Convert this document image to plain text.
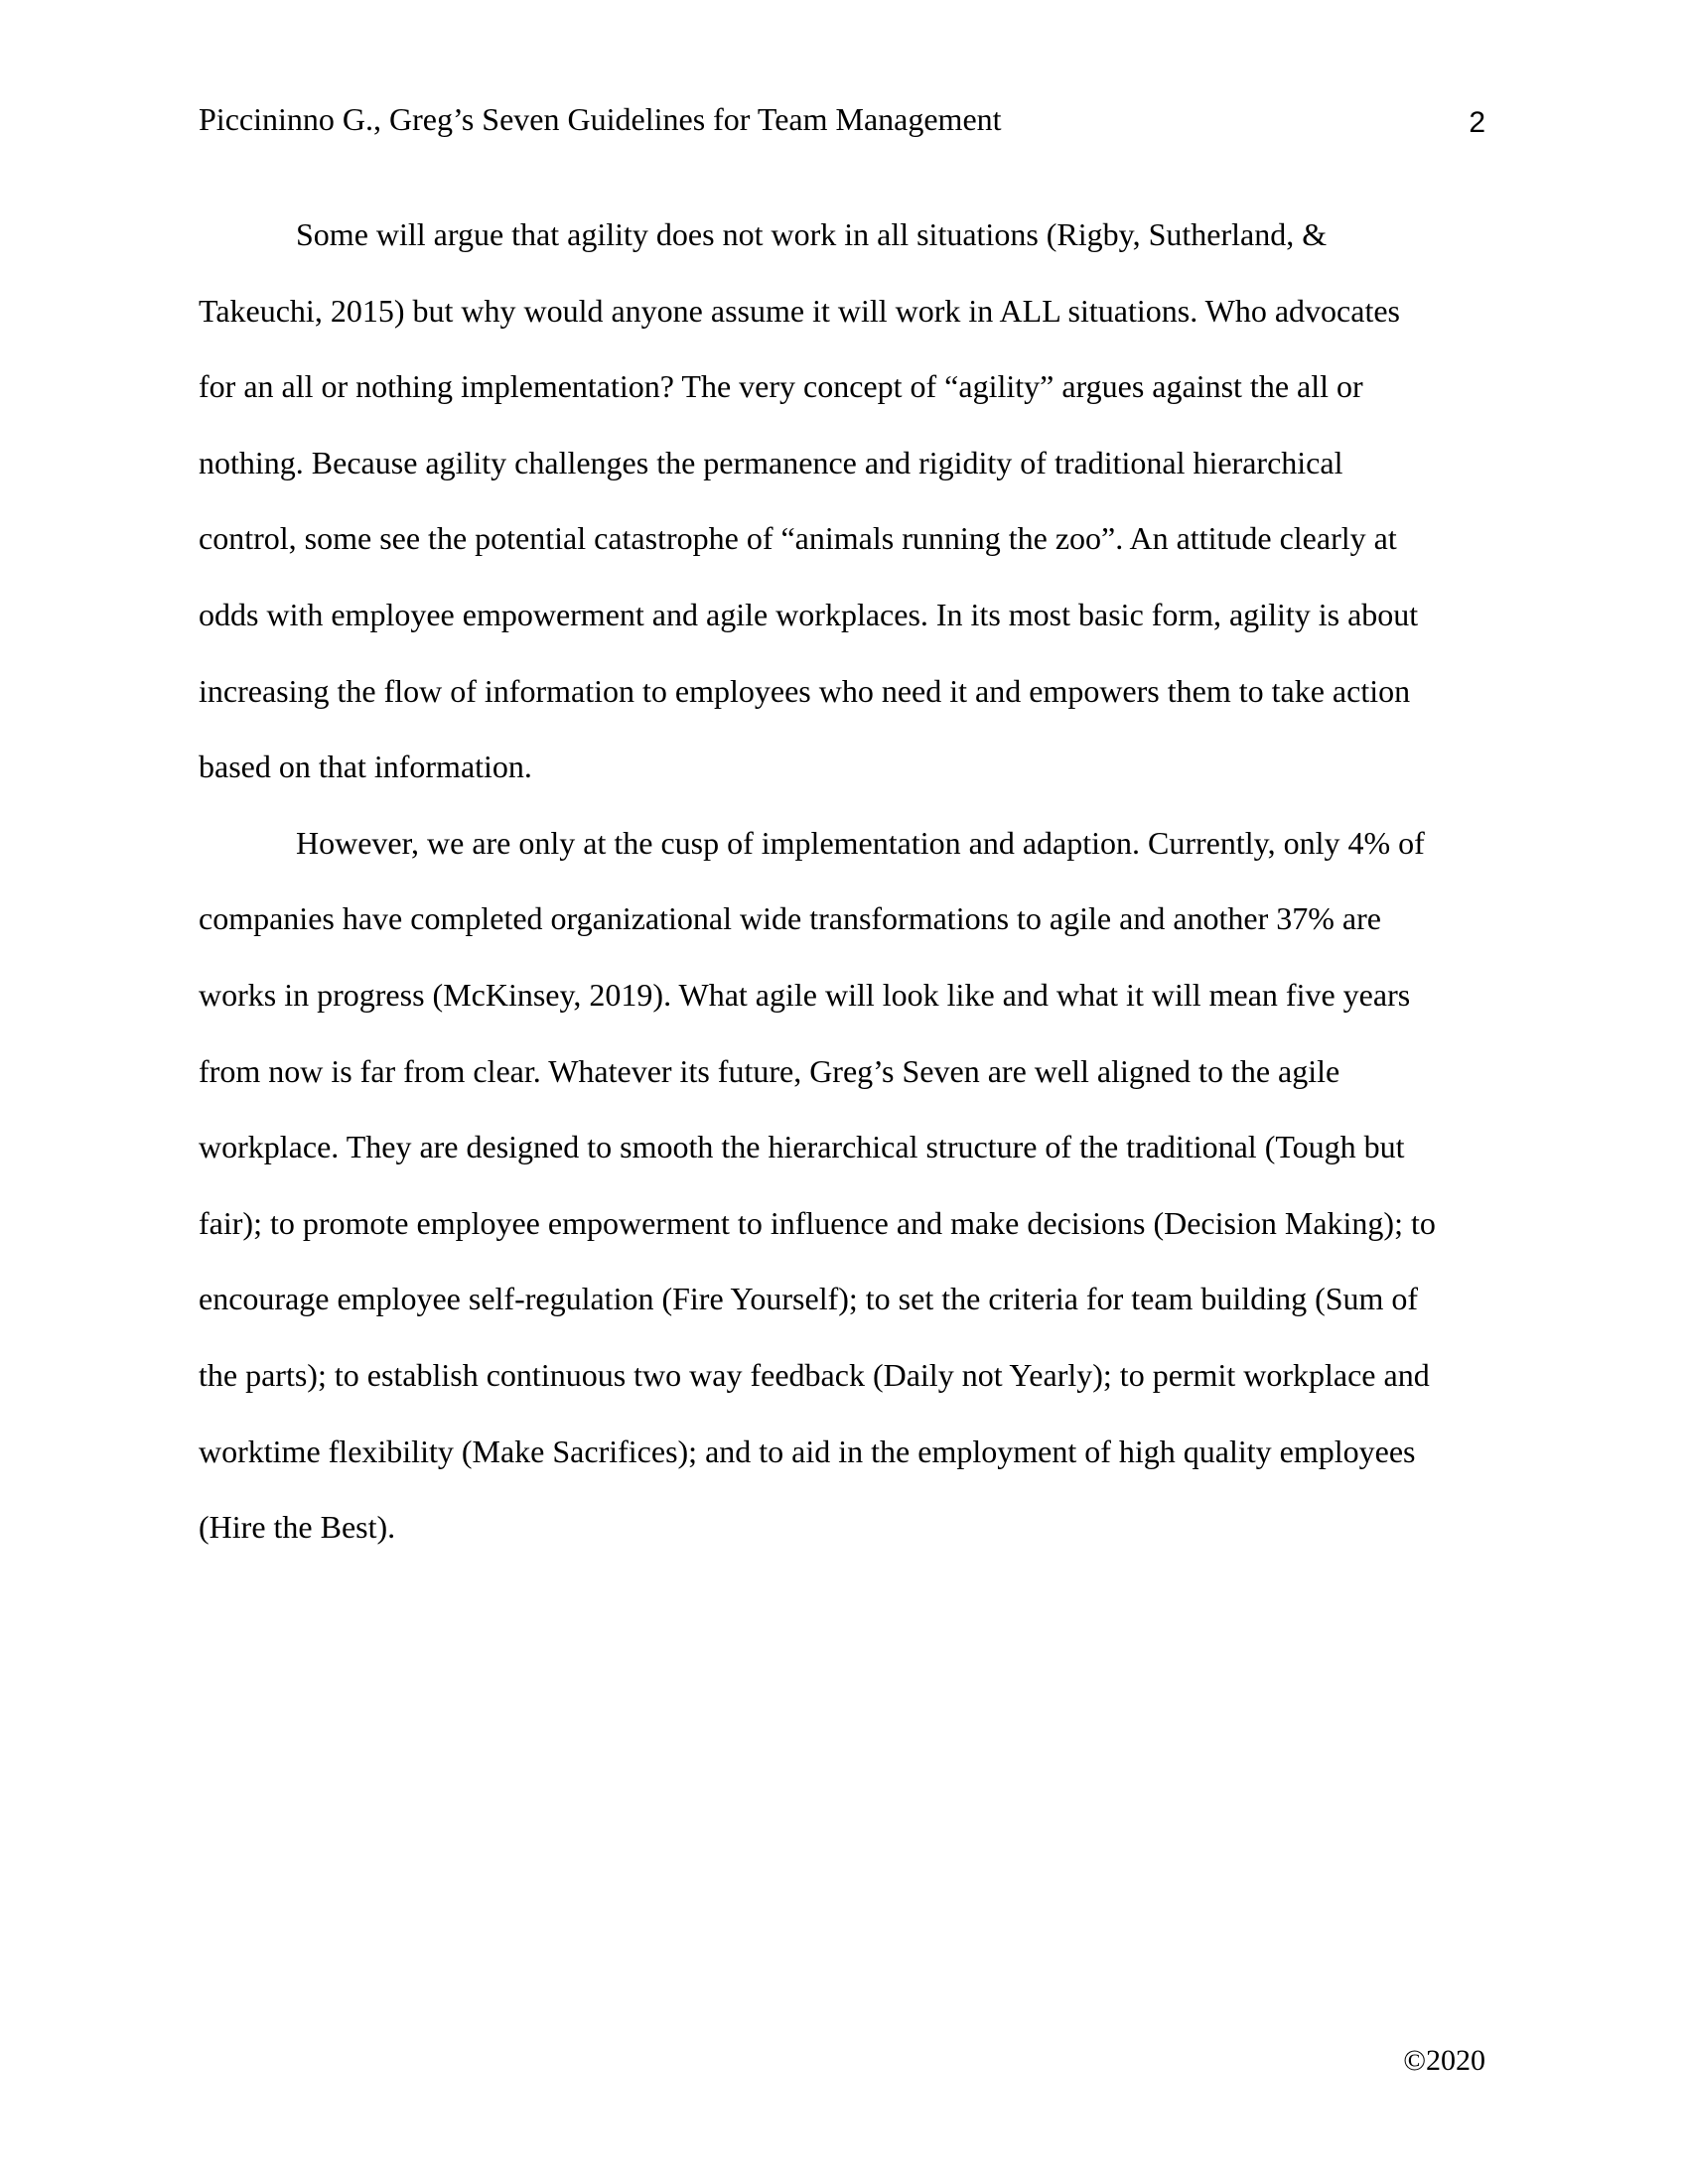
Piccininno G., Greg’s Seven Guidelines for Team Management	2

Some will argue that agility does not work in all situations (Rigby, Sutherland, &
Takeuchi, 2015) but why would anyone assume it will work in ALL situations. Who advocates
for an all or nothing implementation? The very concept of “agility” argues against the all or
nothing. Because agility challenges the permanence and rigidity of traditional hierarchical
control, some see the potential catastrophe of “animals running the zoo”. An attitude clearly at
odds with employee empowerment and agile workplaces. In its most basic form, agility is about
increasing the flow of information to employees who need it and empowers them to take action
based on that information.

However, we are only at the cusp of implementation and adaption. Currently, only 4% of
companies have completed organizational wide transformations to agile and another 37% are
works in progress (McKinsey, 2019). What agile will look like and what it will mean five years
from now is far from clear. Whatever its future, Greg’s Seven are well aligned to the agile
workplace. They are designed to smooth the hierarchical structure of the traditional (Tough but
fair); to promote employee empowerment to influence and make decisions (Decision Making); to
encourage employee self-regulation (Fire Yourself); to set the criteria for team building (Sum of
the parts); to establish continuous two way feedback (Daily not Yearly); to permit workplace and
worktime flexibility (Make Sacrifices); and to aid in the employment of high quality employees
(Hire the Best).

©2020
